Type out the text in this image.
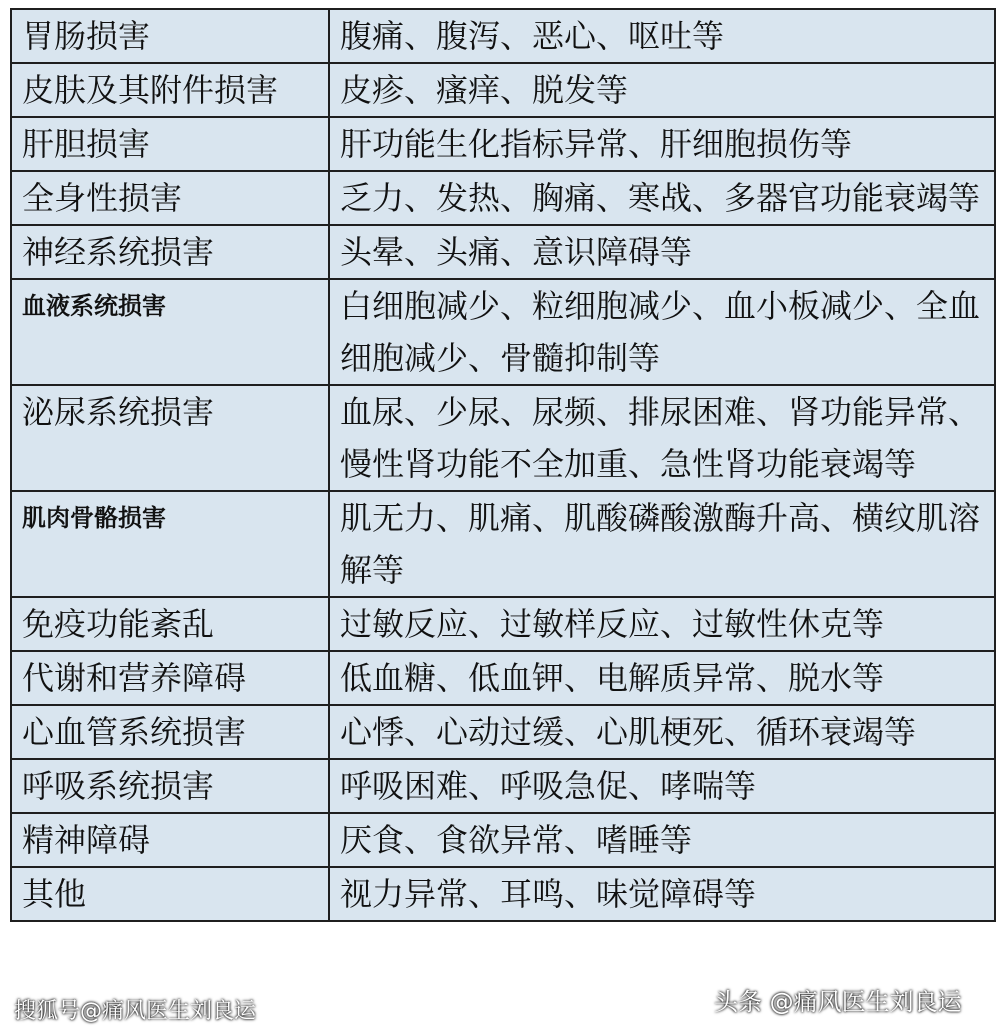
胃肠损害	腹痛、腹泻、恶心、呕吐等
皮肤及其附件损害	皮疹、瘙痒、脱发等
肝胆损害	肝功能生化指标异常、肝细胞损伤等
全身性损害	乏力、发热、胸痛、寒战、多器官功能衰竭等
神经系统损害	头晕、头痛、意识障碍等
血液系统损害	白细胞减少、粒细胞减少、血小板减少、全血细胞减少、骨髓抑制等
泌尿系统损害	血尿、少尿、尿频、排尿困难、肾功能异常、慢性肾功能不全加重、急性肾功能衰竭等
肌肉骨骼损害	肌无力、肌痛、肌酸磷酸激酶升高、横纹肌溶解等
免疫功能紊乱	过敏反应、过敏样反应、过敏性休克等
代谢和营养障碍	低血糖、低血钾、电解质异常、脱水等
心血管系统损害	心悸、心动过缓、心肌梗死、循环衰竭等
呼吸系统损害	呼吸困难、呼吸急促、哮喘等
精神障碍	厌食、食欲异常、嗜睡等
其他	视力异常、耳鸣、味觉障碍等
搜狐号@痛风医生刘良运	头条 @痛风医生刘良运
